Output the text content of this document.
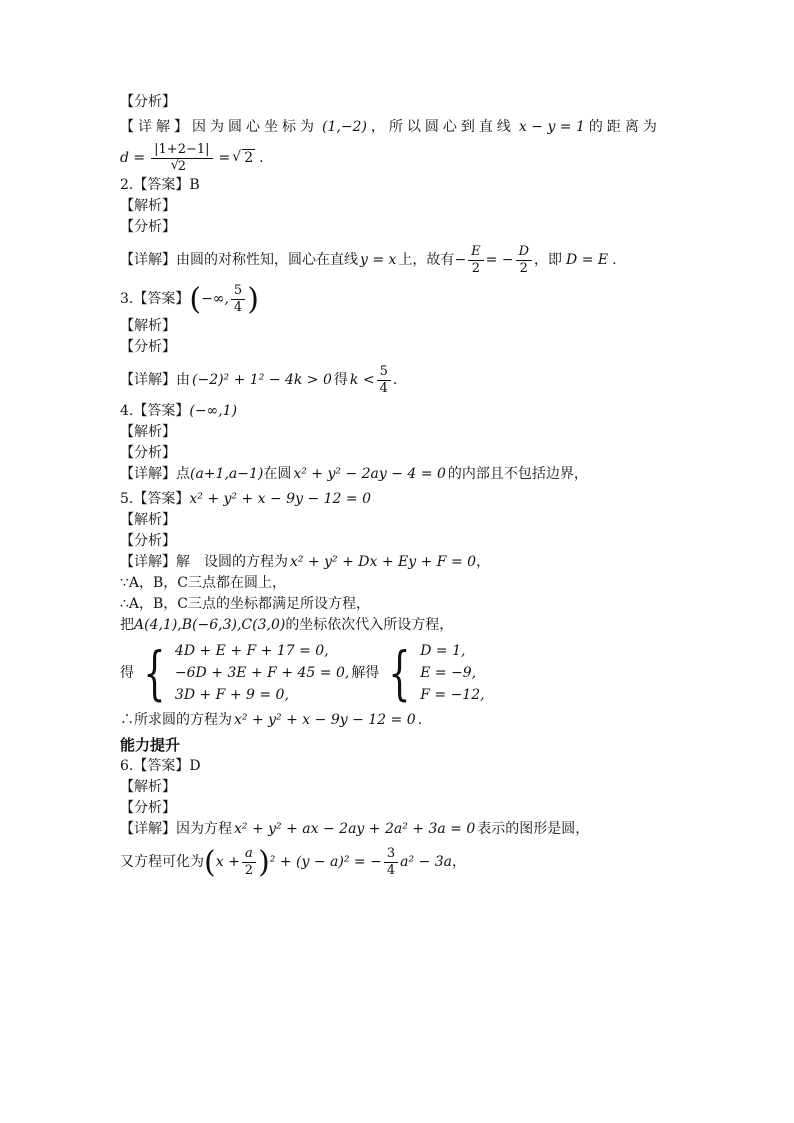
【分析】
【详解】因为圆心坐标为 (1,−2) ，所以圆心到直线 x − y = 1 的距离为
d = |1+2−1|
√ 2 =
√	2 .
2.【答案】B
【解析】
【分析】
【详解】由圆的对称性知，圆心在直线 y = x 上，故有 − $\frac{E}{2}$ = − $\frac{D}{2}$ ，即 D = E .
3.【答案】 ( −∞, $\frac{5}{4}$ )
【解析】
【分析】
【详解】由 (−2)² + 1² − 4k > 0 得 $k < \frac{5}{4}$ .
4.【答案】 (−∞,1)
【解析】
【分析】
【详解】点 (a+1,a−1) 在圆 x² + y² − 2ay − 4 = 0 的内部且不包括边界，
5.【答案】 x² + y² + x − 9y − 12 = 0
【解析】
【分析】
【详解】解　设圆的方程为 x² + y² + Dx + Ey + F = 0 ，
∵A，B，C三点都在圆上，
∴A，B，C三点的坐标都满足所设方程，
把 A(4,1),B(−6,3),C(3,0) 的坐标依次代入所设方程，
得 { 4D + E + F + 17 = 0,
−6D + 3E + F + 45 = 0,
3D + F + 9 = 0,
解得 { D = 1,
E = −9,
F = −12,
∴所求圆的方程为 x² + y² + x − 9y − 12 = 0 .
能力提升
6.【答案】D
【解析】
【分析】
【详解】因为方程 x² + y² + ax − 2ay + 2a² + 3a = 0 表示的图形是圆，
又方程可化为 ( $x + \frac{a}{2}$ ) ² + (y − a)² = − $\frac{3}{4} a^2 - 3a$ ，
